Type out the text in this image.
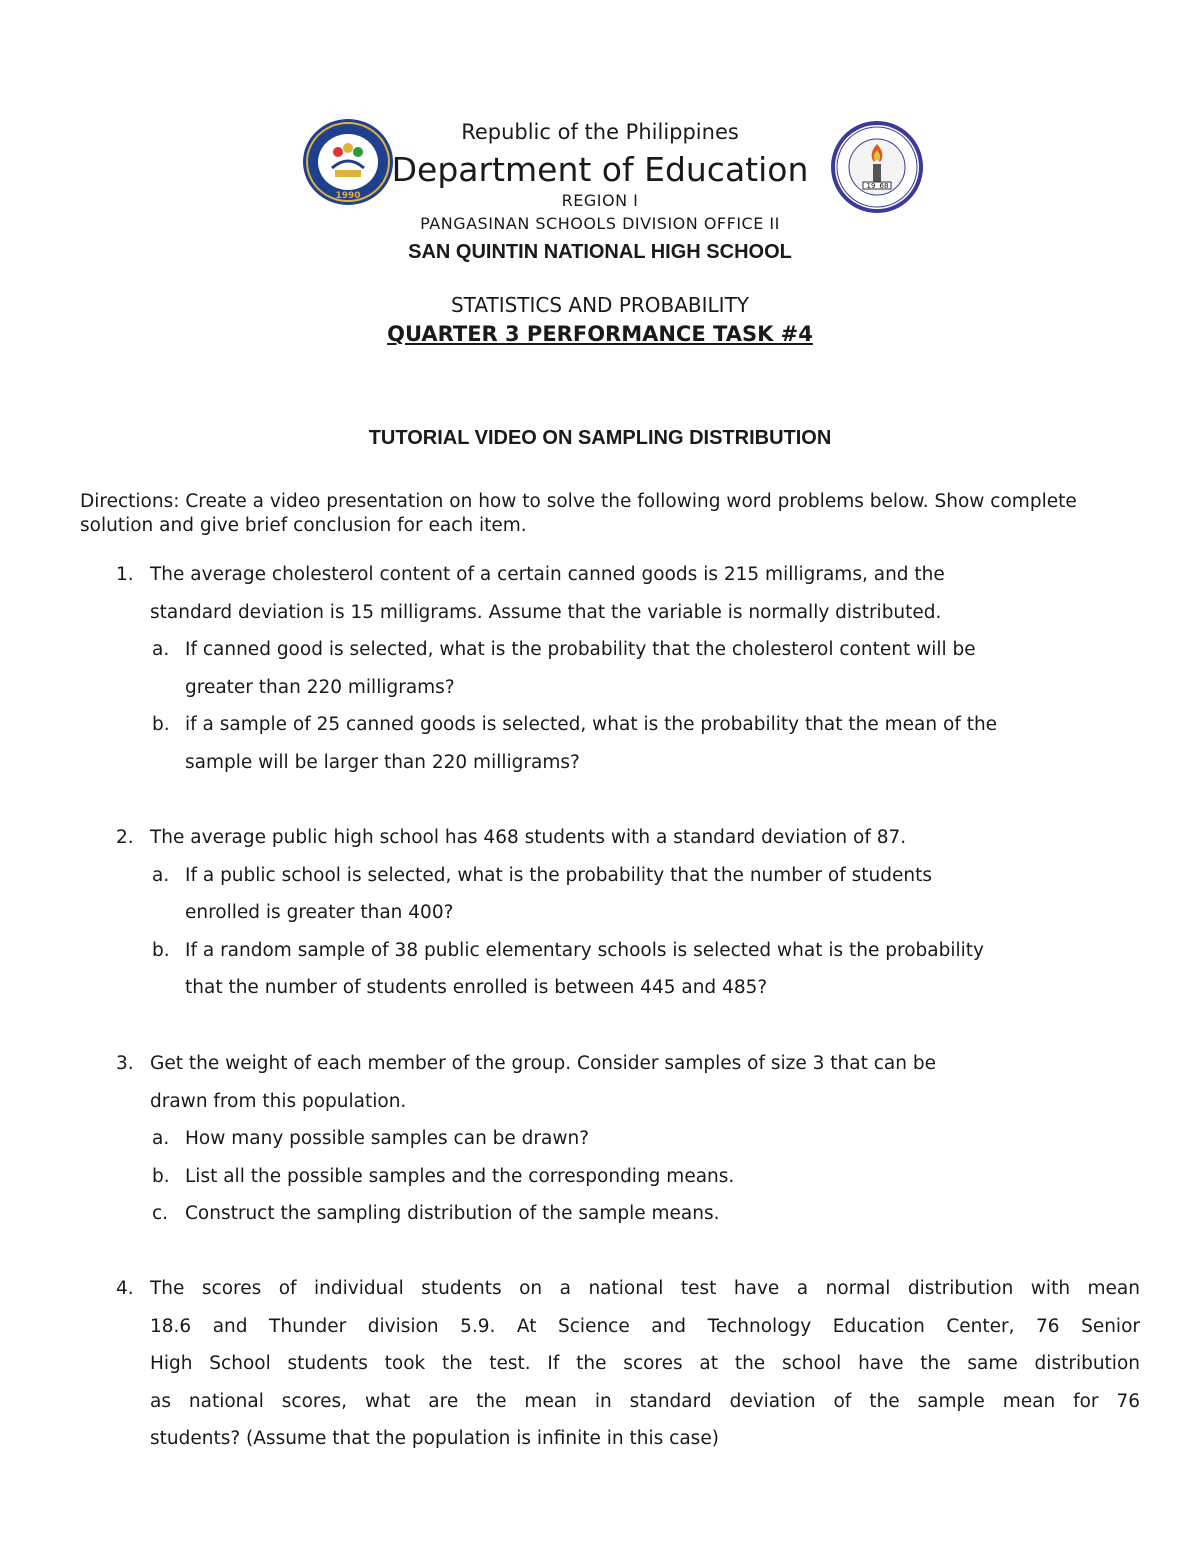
1990
19 68
Republic of the Philippines
Department of Education
REGION I
PANGASINAN SCHOOLS DIVISION OFFICE II
SAN QUINTIN NATIONAL HIGH SCHOOL
STATISTICS AND PROBABILITY
QUARTER 3 PERFORMANCE TASK #4
TUTORIAL VIDEO ON SAMPLING DISTRIBUTION
Directions: Create a video presentation on how to solve the following word problems below. Show complete solution and give brief conclusion for each item.
1. The average cholesterol content of a certain canned goods is 215 milligrams, and the
standard deviation is 15 milligrams. Assume that the variable is normally distributed.
a. If canned good is selected, what is the probability that the cholesterol content will be
greater than 220 milligrams?
b. if a sample of 25 canned goods is selected, what is the probability that the mean of the
sample will be larger than 220 milligrams?
2. The average public high school has 468 students with a standard deviation of 87.
a. If a public school is selected, what is the probability that the number of students
enrolled is greater than 400?
b. If a random sample of 38 public elementary schools is selected what is the probability
that the number of students enrolled is between 445 and 485?
3. Get the weight of each member of the group. Consider samples of size 3 that can be
drawn from this population.
a. How many possible samples can be drawn?
b. List all the possible samples and the corresponding means.
c. Construct the sampling distribution of the sample means.
4. The scores of individual students on a national test have a normal distribution with mean
18.6 and Thunder division 5.9. At Science and Technology Education Center, 76 Senior
High School students took the test. If the scores at the school have the same distribution
as national scores, what are the mean in standard deviation of the sample mean for 76
students? (Assume that the population is infinite in this case)
